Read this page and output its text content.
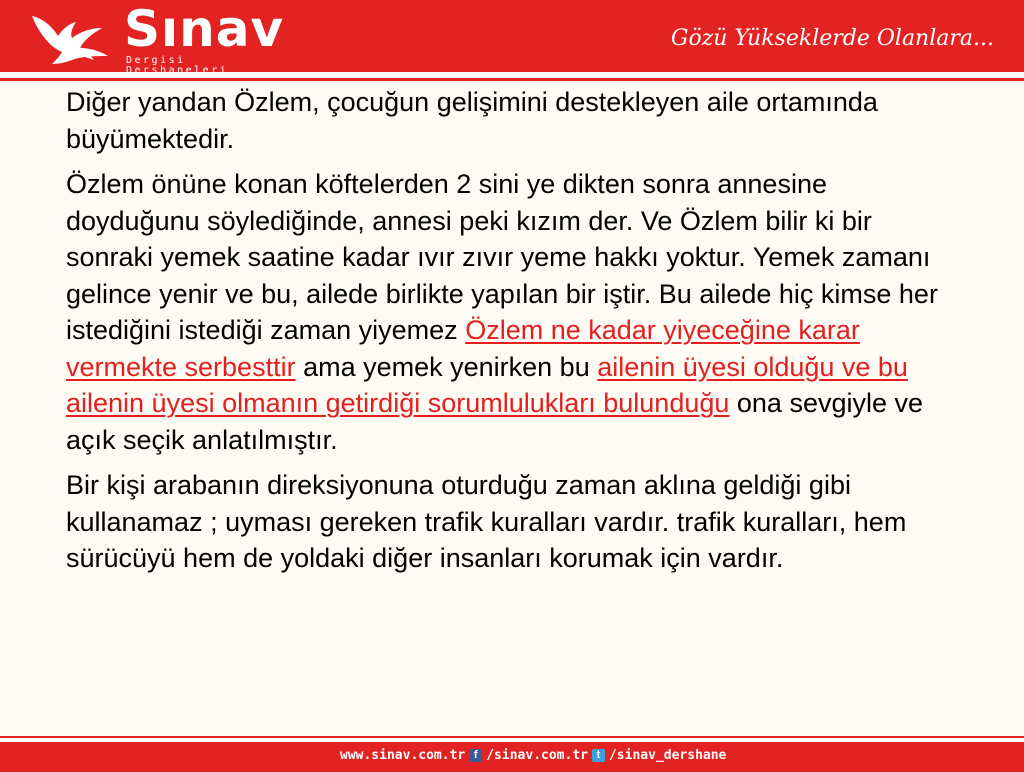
Sınav
Dergisi Dershaneleri
Gözü Yükseklerde Olanlara...

Diğer yandan Özlem, çocuğun gelişimini destekleyen aile ortamında büyümektedir.

Özlem önüne konan köftelerden 2 sini ye dikten sonra annesine doyduğunu söylediğinde, annesi peki kızım der. Ve Özlem bilir ki bir sonraki yemek saatine kadar ıvır zıvır yeme hakkı yoktur. Yemek zamanı gelince yenir ve bu, ailede birlikte yapılan bir iştir. Bu ailede hiç kimse her istediğini istediği zaman yiyemez Özlem ne kadar yiyeceğine karar vermekte serbesttir ama yemek yenirken bu ailenin üyesi olduğu ve bu ailenin üyesi olmanın getirdiği sorumlulukları bulunduğu ona sevgiyle ve açık seçik anlatılmıştır.

Bir kişi arabanın direksiyonuna oturduğu zaman aklına geldiği gibi kullanamaz ; uyması gereken trafik kuralları vardır. trafik kuralları, hem sürücüyü hem de yoldaki diğer insanları korumak için vardır.

www.sinav.com.tr f /sinav.com.tr t /sinav_dershane
